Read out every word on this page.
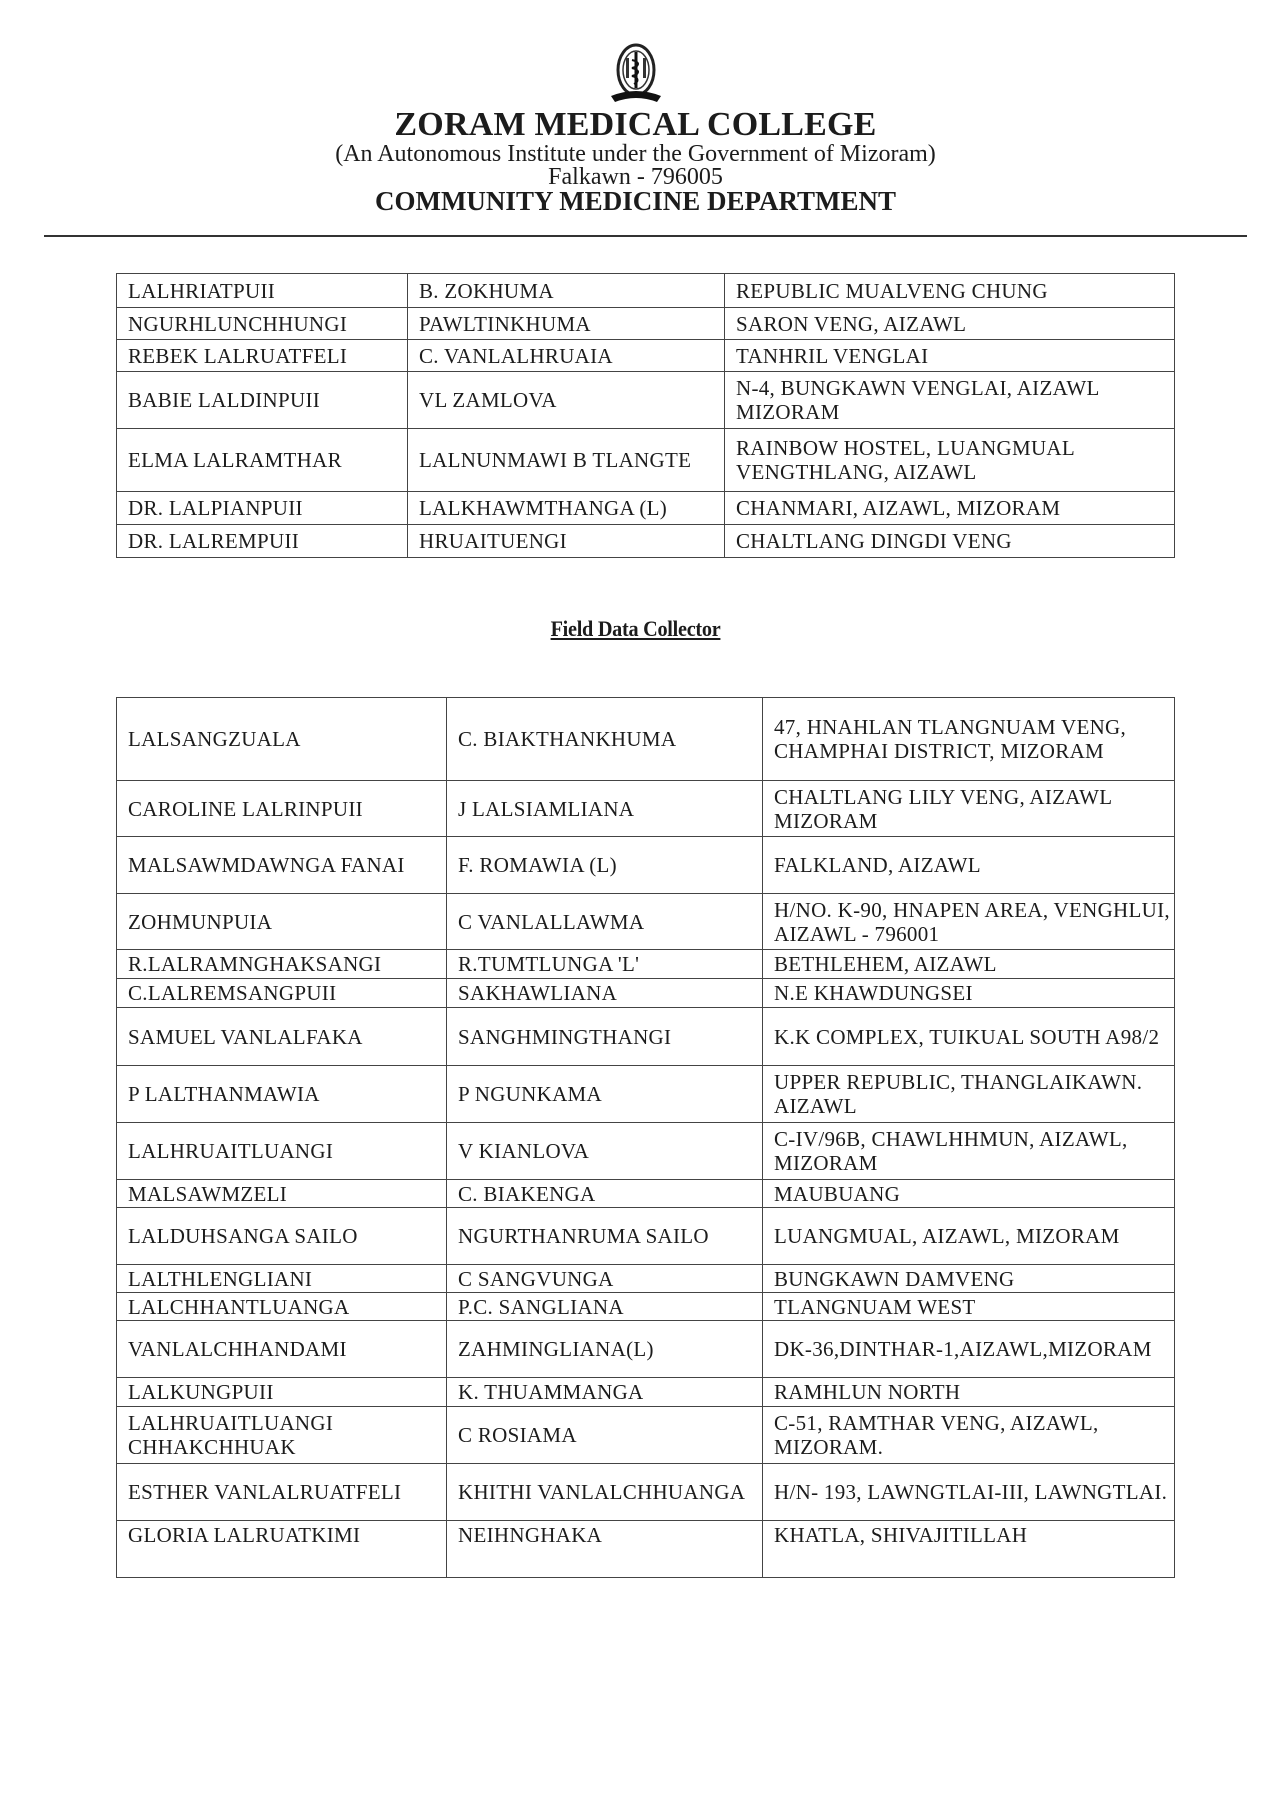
ZORAM MEDICAL COLLEGE
(An Autonomous Institute under the Government of Mizoram)
Falkawn - 796005
COMMUNITY MEDICINE DEPARTMENT
LALHRIATPUII	B. ZOKHUMA	REPUBLIC MUALVENG CHUNG
NGURHLUNCHHUNGI	PAWLTINKHUMA	SARON VENG, AIZAWL
REBEK LALRUATFELI	C. VANLALHRUAIA	TANHRIL VENGLAI
BABIE LALDINPUII	VL ZAMLOVA	N-4, BUNGKAWN VENGLAI, AIZAWL MIZORAM
ELMA LALRAMTHAR	LALNUNMAWI B TLANGTE	RAINBOW HOSTEL, LUANGMUAL VENGTHLANG, AIZAWL
DR. LALPIANPUII	LALKHAWMTHANGA (L)	CHANMARI, AIZAWL, MIZORAM
DR. LALREMPUII	HRUAITUENGI	CHALTLANG DINGDI VENG
Field Data Collector
LALSANGZUALA	C. BIAKTHANKHUMA	47, HNAHLAN TLANGNUAM VENG, CHAMPHAI DISTRICT, MIZORAM
CAROLINE LALRINPUII	J LALSIAMLIANA	CHALTLANG LILY VENG, AIZAWL MIZORAM
MALSAWMDAWNGA FANAI	F. ROMAWIA (L)	FALKLAND, AIZAWL
ZOHMUNPUIA	C VANLALLAWMA	H/NO. K-90, HNAPEN AREA, VENGHLUI, AIZAWL - 796001
R.LALRAMNGHAKSANGI	R.TUMTLUNGA 'L'	BETHLEHEM, AIZAWL
C.LALREMSANGPUII	SAKHAWLIANA	N.E KHAWDUNGSEI
SAMUEL VANLALFAKA	SANGHMINGTHANGI	K.K COMPLEX, TUIKUAL SOUTH A98/2
P LALTHANMAWIA	P NGUNKAMA	UPPER REPUBLIC, THANGLAIKAWN. AIZAWL
LALHRUAITLUANGI	V KIANLOVA	C-IV/96B, CHAWLHHMUN, AIZAWL, MIZORAM
MALSAWMZELI	C. BIAKENGA	MAUBUANG
LALDUHSANGA SAILO	NGURTHANRUMA SAILO	LUANGMUAL, AIZAWL, MIZORAM
LALTHLENGLIANI	C SANGVUNGA	BUNGKAWN DAMVENG
LALCHHANTLUANGA	P.C. SANGLIANA	TLANGNUAM WEST
VANLALCHHANDAMI	ZAHMINGLIANA(L)	DK-36,DINTHAR-1,AIZAWL,MIZORAM
LALKUNGPUII	K. THUAMMANGA	RAMHLUN NORTH
LALHRUAITLUANGI CHHAKCHHUAK	C ROSIAMA	C-51, RAMTHAR VENG, AIZAWL, MIZORAM.
ESTHER VANLALRUATFELI	KHITHI VANLALCHHUANGA	H/N- 193, LAWNGTLAI-III, LAWNGTLAI.
GLORIA LALRUATKIMI	NEIHNGHAKA	KHATLA, SHIVAJITILLAH
